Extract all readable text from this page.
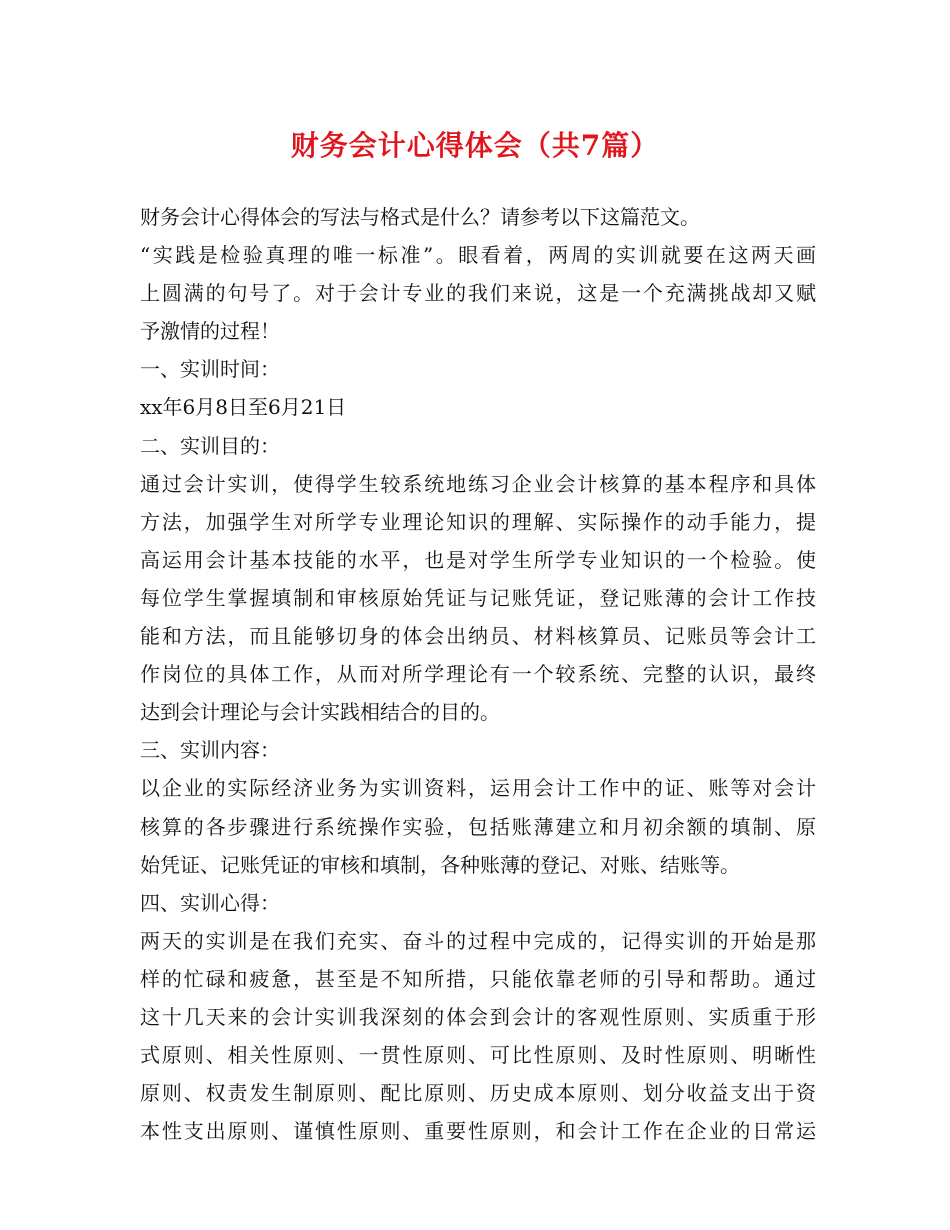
财务会计心得体会（共7篇）
财务会计心得体会的写法与格式是什么？请参考以下这篇范文。
“实践是检验真理的唯一标准”。眼看着，两周的实训就要在这两天画
上圆满的句号了。对于会计专业的我们来说，这是一个充满挑战却又赋
予激情的过程！
一、实训时间：
xx年6月8日至6月21日
二、实训目的：
通过会计实训，使得学生较系统地练习企业会计核算的基本程序和具体
方法，加强学生对所学专业理论知识的理解、实际操作的动手能力，提
高运用会计基本技能的水平，也是对学生所学专业知识的一个检验。使
每位学生掌握填制和审核原始凭证与记账凭证，登记账薄的会计工作技
能和方法，而且能够切身的体会出纳员、材料核算员、记账员等会计工
作岗位的具体工作，从而对所学理论有一个较系统、完整的认识，最终
达到会计理论与会计实践相结合的目的。
三、实训内容：
以企业的实际经济业务为实训资料，运用会计工作中的证、账等对会计
核算的各步骤进行系统操作实验，包括账薄建立和月初余额的填制、原
始凭证、记账凭证的审核和填制，各种账薄的登记、对账、结账等。
四、实训心得：
两天的实训是在我们充实、奋斗的过程中完成的，记得实训的开始是那
样的忙碌和疲惫，甚至是不知所措，只能依靠老师的引导和帮助。通过
这十几天来的会计实训我深刻的体会到会计的客观性原则、实质重于形
式原则、相关性原则、一贯性原则、可比性原则、及时性原则、明晰性
原则、权责发生制原则、配比原则、历史成本原则、划分收益支出于资
本性支出原则、谨慎性原则、重要性原则，和会计工作在企业的日常运
